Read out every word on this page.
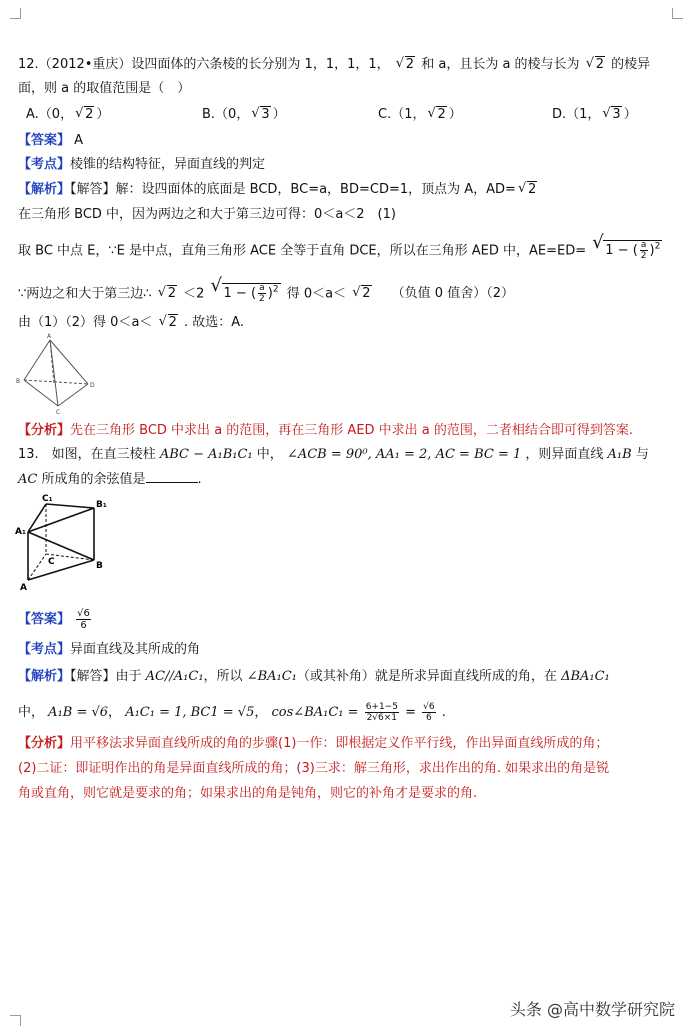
12.（2012•重庆）设四面体的六条棱的长分别为 1，1，1，1， √ 2 和 a，且长为 a 的棱与长为 √ 2 的棱异
面，则 a 的取值范围是（　）
A.（0， √ 2 ）	B.（0， √ 3 ）	C.（1， √ 2 ）	D.（1， √ 3 ）
【答案】 A
【考点】棱锥的结构特征，异面直线的判定
【解析】【解答】解：设四面体的底面是 BCD，BC=a，BD=CD=1，顶点为 A，AD= √ 2
在三角形 BCD 中，因为两边之和大于第三边可得：0＜a＜2　(1)
取 BC 中点 E，∵E 是中点，直角三角形 ACE 全等于直角 DCE，所以在三角形 AED 中，AE=ED= √ 1 − ( $\frac{a}{2} )^2$
∵两边之和大于第三边∴ √ 2 ＜2 √ 1 − ( $\frac{a}{2} )^2$ 得 0＜a＜ √ 2 （负值 0 值舍）（2）
由（1）（2）得 0＜a＜ √ 2 . 故选：A.
A
B
C
D
【分析】先在三角形 BCD 中求出 a 的范围，再在三角形 AED 中求出 a 的范围，二者相结合即可得到答案.
13.　如图，在直三棱柱 ABC − A₁B₁C₁ 中， ∠ACB = 90⁰, AA₁ = 2, AC = BC = 1 ，则异面直线 A₁B 与
AC 所成角的余弦值是	.
C₁
B₁
A₁
C	B
A
【答案】 $\frac{√6}{6}$
【考点】异面直线及其所成的角
【解析】【解答】由于 AC//A₁C₁，所以 ∠BA₁C₁（或其补角）就是所求异面直线所成的角，在 ΔBA₁C₁
中， A₁B = √6， A₁C₁ = 1, BC1 = √5， cos∠BA₁C₁ = $\frac{6+1-5}{2√6\times 1} = \frac{√6}{6}$ .
【分析】用平移法求异面直线所成的角的步骤(1)一作：即根据定义作平行线，作出异面直线所成的角；
(2)二证：即证明作出的角是异面直线所成的角；(3)三求：解三角形，求出作出的角. 如果求出的角是锐
角或直角，则它就是要求的角；如果求出的角是钝角，则它的补角才是要求的角.
头条 @高中数学研究院
